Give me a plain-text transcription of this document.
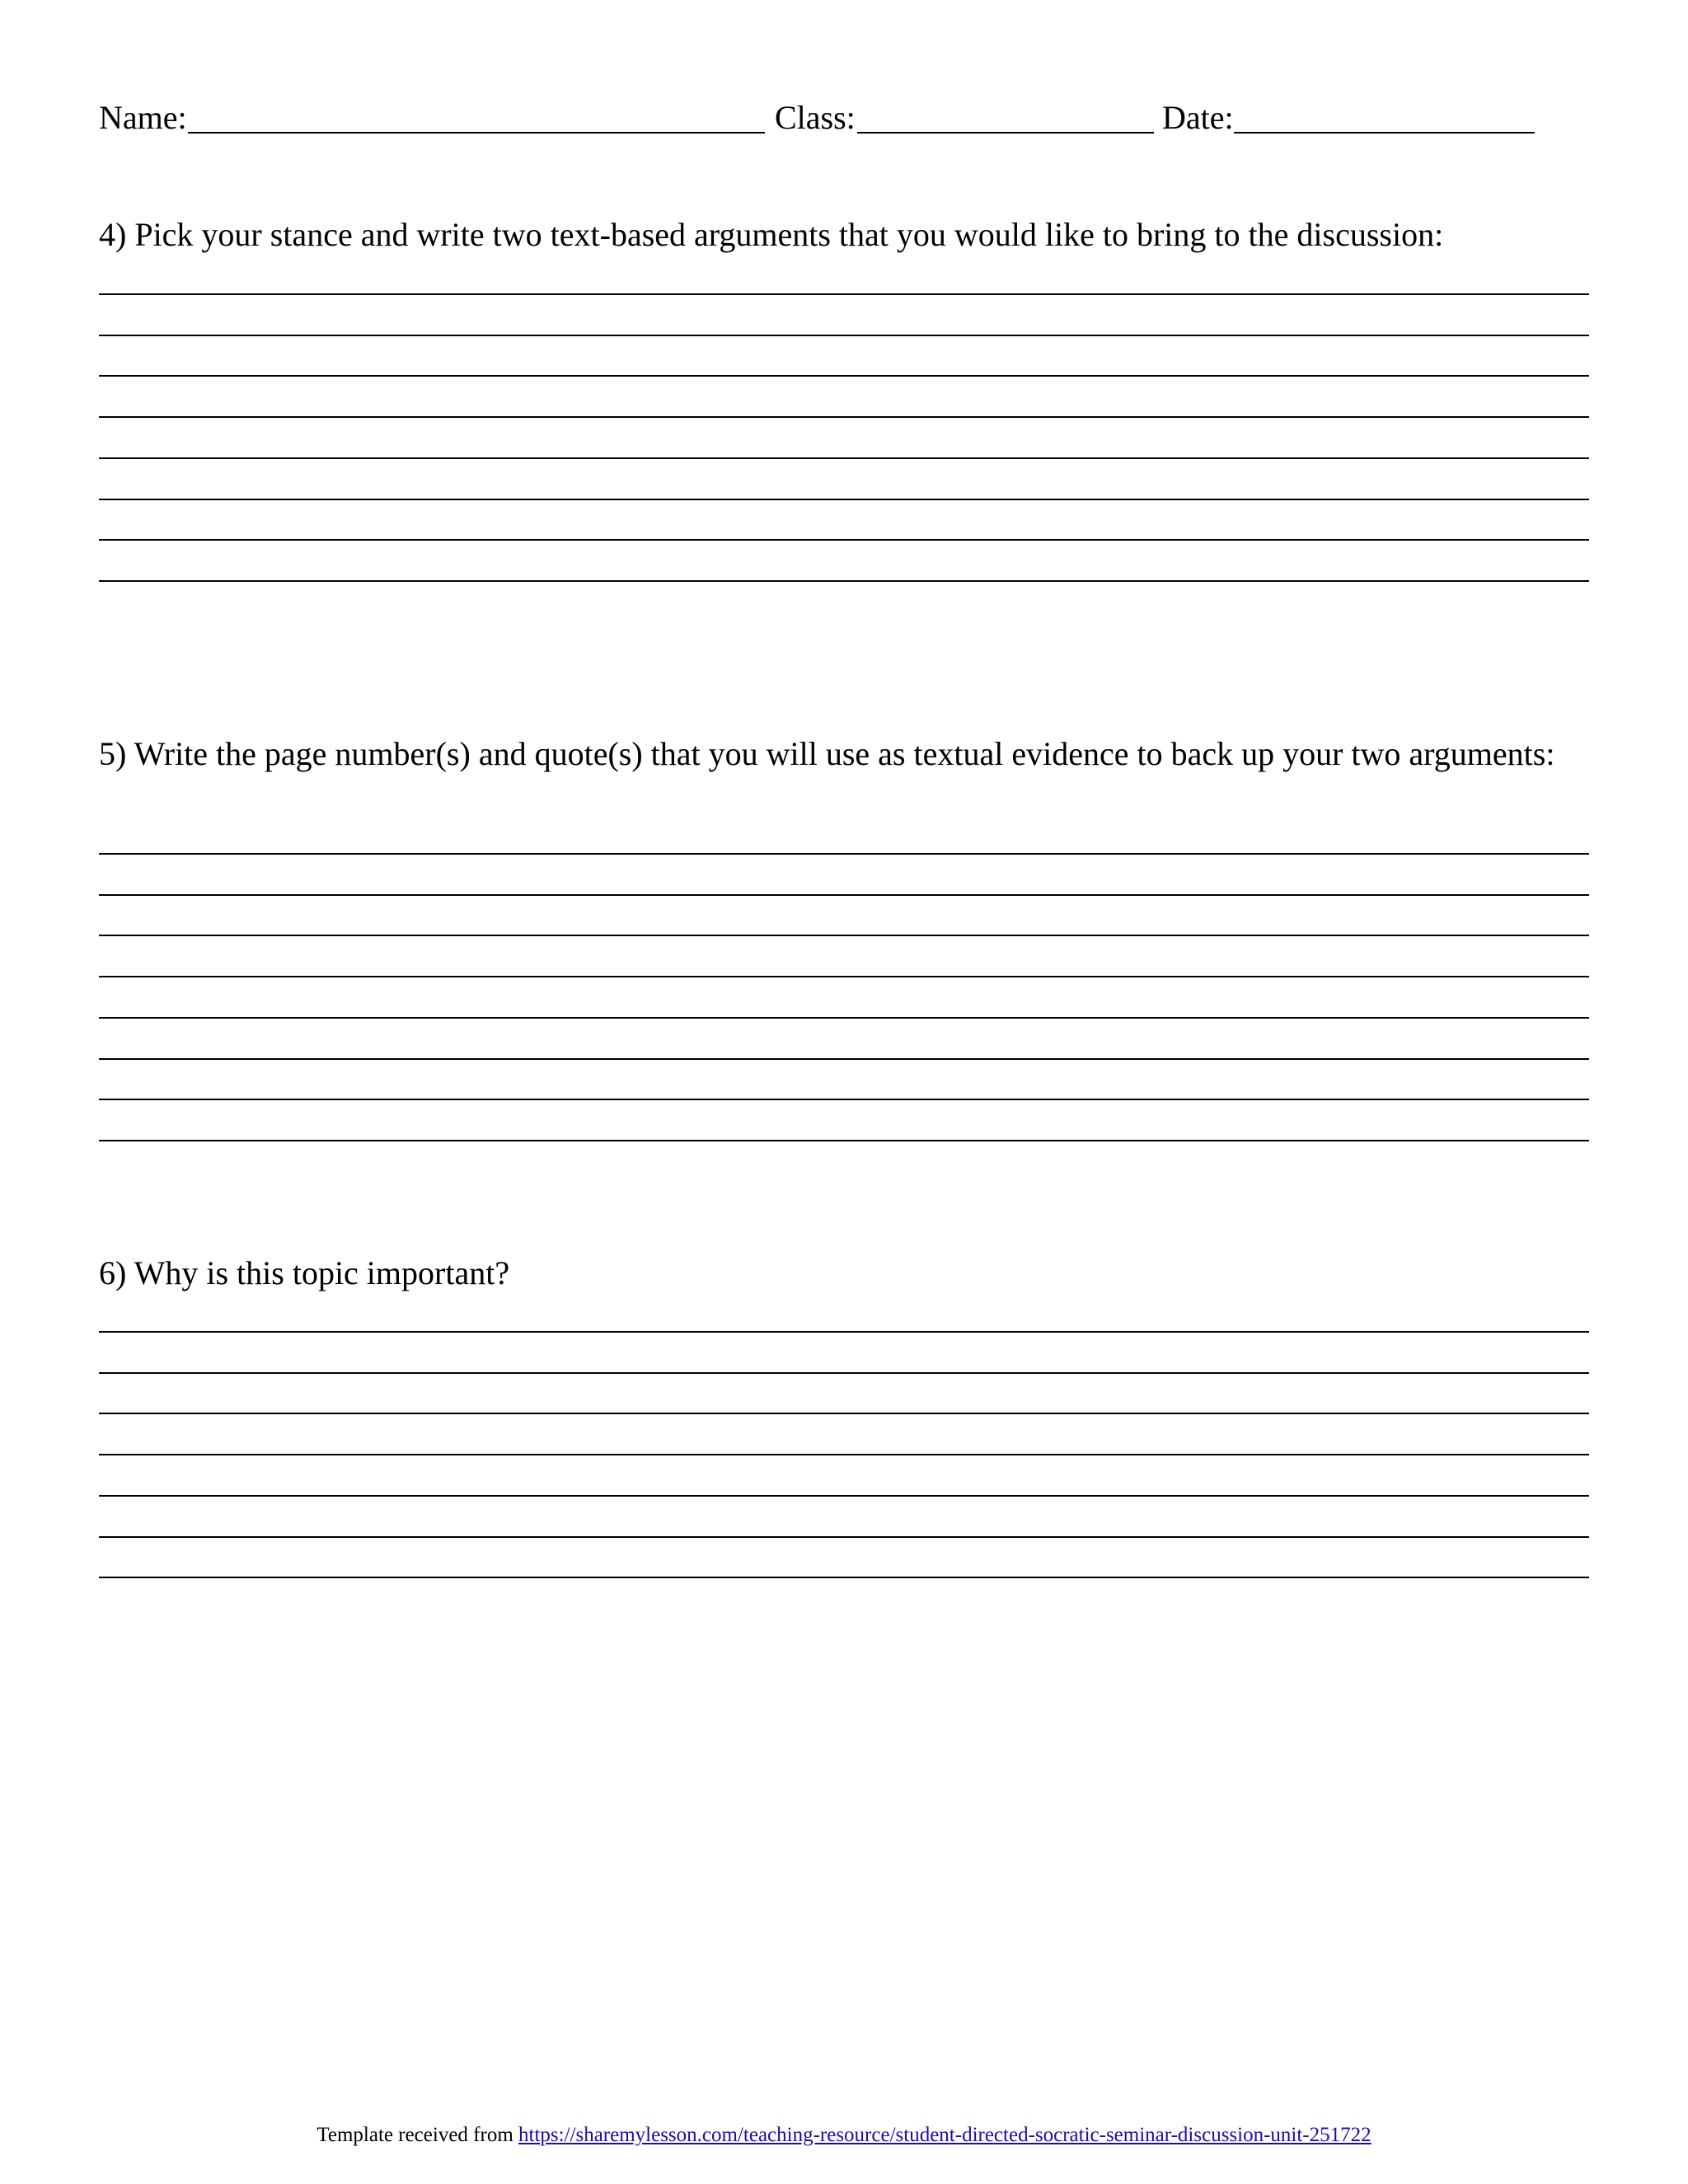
Name:	Class:	Date:
4) Pick your stance and write two text-based arguments that you would like to bring to the discussion:
5) Write the page number(s) and quote(s) that you will use as textual evidence to back up your two arguments:
6) Why is this topic important?
Template received from https://sharemylesson.com/teaching-resource/student-directed-socratic-seminar-discussion-unit-251722
